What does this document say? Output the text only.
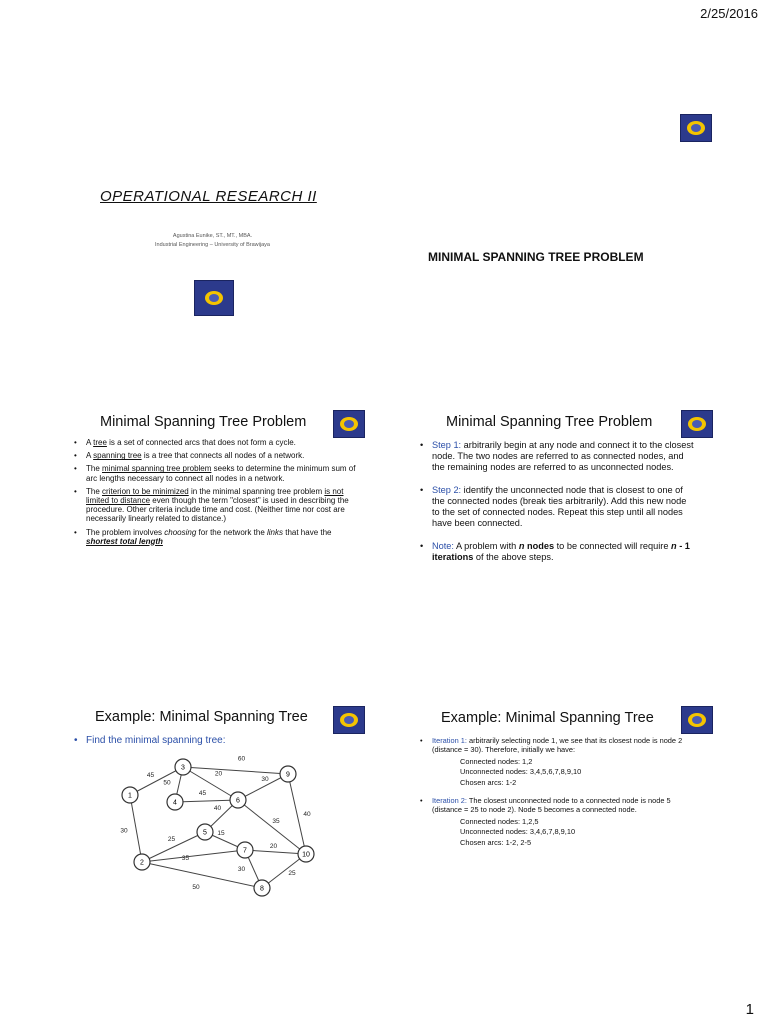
2/25/2016
1
OPERATIONAL RESEARCH II
Agustina Eunike, ST., MT., MBA.
Industrial Engineering – University of Brawijaya
MINIMAL SPANNING TREE PROBLEM
Minimal Spanning Tree Problem
• A tree is a set of connected arcs that does not form a cycle.
• A spanning tree is a tree that connects all nodes of a network.
• The minimal spanning tree problem seeks to determine the minimum sum of arc lengths necessary to connect all nodes in a network.
• The criterion to be minimized in the minimal spanning tree problem is not limited to distance even though the term "closest" is used in describing the procedure. Other criteria include time and cost. (Neither time nor cost are necessarily linearly related to distance.)
• The problem involves choosing for the network the links that have the shortest total length
Minimal Spanning Tree Problem
• Step 1: arbitrarily begin at any node and connect it to the closest node. The two nodes are referred to as connected nodes, and the remaining nodes are referred to as unconnected nodes.
• Step 2: identify the unconnected node that is closest to one of the connected nodes (break ties arbitrarily). Add this new node to the set of connected nodes. Repeat this step until all nodes have been connected.
• Note: A problem with n nodes to be connected will require n - 1 iterations of the above steps.
Example: Minimal Spanning Tree
• Find the minimal spanning tree:
45
30
50
20
60
45
30
40
35
40
25
15
35
50
20
30
25
1
2
3
4
5
6
7
8
9
10
Example: Minimal Spanning Tree
• Iteration 1: arbitrarily selecting node 1, we see that its closest node is node 2 (distance = 30). Therefore, initially we have:
Connected nodes: 1,2
Unconnected nodes: 3,4,5,6,7,8,9,10
Chosen arcs: 1-2
• Iteration 2: The closest unconnected node to a connected node is node 5 (distance = 25 to node 2). Node 5 becomes a connected node.
Connected nodes: 1,2,5
Unconnected nodes: 3,4,6,7,8,9,10
Chosen arcs: 1-2, 2-5
